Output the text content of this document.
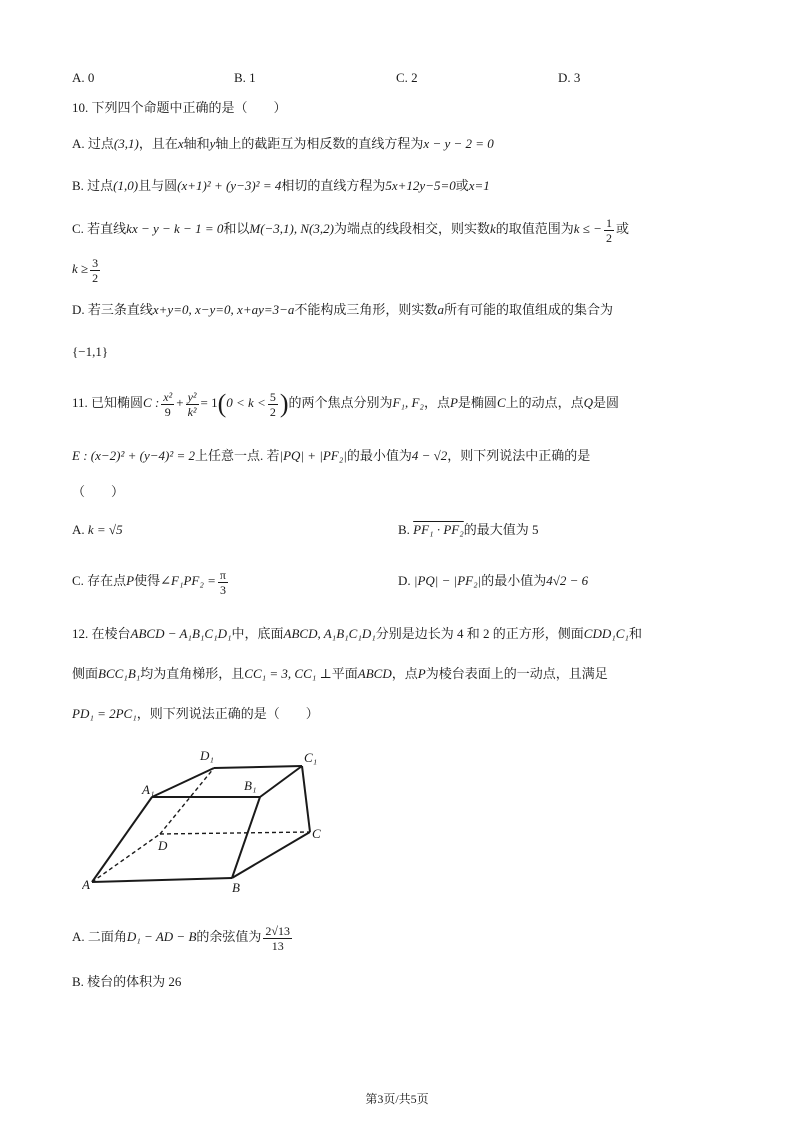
A. 0	B. 1	C. 2	D. 3
10. 下列四个命题中正确的是（　　）
A. 过点(3,1)，且在x轴和y轴上的截距互为相反数的直线方程为x − y − 2 = 0
B. 过点(1,0)且与圆(x+1)² + (y−3)² = 4相切的直线方程为5x+12y−5=0或x=1
C. 若直线kx − y − k − 1 = 0和以M(−3,1), N(3,2)为端点的线段相交，则实数k的取值范围为k ≤ − $\frac{1}{2}$ 或
$k \ge \frac{3}{2}$
D. 若三条直线x+y=0, x−y=0, x+ay=3−a不能构成三角形，则实数a所有可能的取值组成的集合为
{−1,1}
11. 已知椭圆C : $\frac{\text{x²}}{9} + \frac{\text{y²}}{\text{k²}} = 1(0 < k < \frac{5}{2}$ )的两个焦点分别为F₁, F₂，点P是椭圆C上的动点，点Q是圆
E : (x−2)² + (y−4)² = 2上任意一点. 若|PQ| + |PF₂|的最小值为4 − √2，则下列说法中正确的是
（　　）
A. k = √5	B. PF₁ · PF₂的最大值为 5
C. 存在点P使得∠F₁PF₂ = $\frac{\pi}{3}$	D. |PQ| − |PF₂|的最小值为4√2 − 6
12. 在棱台ABCD − A₁B₁C₁D₁中，底面ABCD, A₁B₁C₁D₁分别是边长为 4 和 2 的正方形，侧面CDD₁C₁和
侧面BCC₁B₁均为直角梯形，且CC₁ = 3, CC₁ ⊥平面ABCD，点P为棱台表面上的一动点，且满足
PD₁ = 2PC₁，则下列说法正确的是（　　）
A	B
C
D
A₁	B₁
C₁
D₁
A. 二面角D₁ − AD − B的余弦值为 $\frac{2√13}{13}$
B. 棱台的体积为 26
第3页/共5页
